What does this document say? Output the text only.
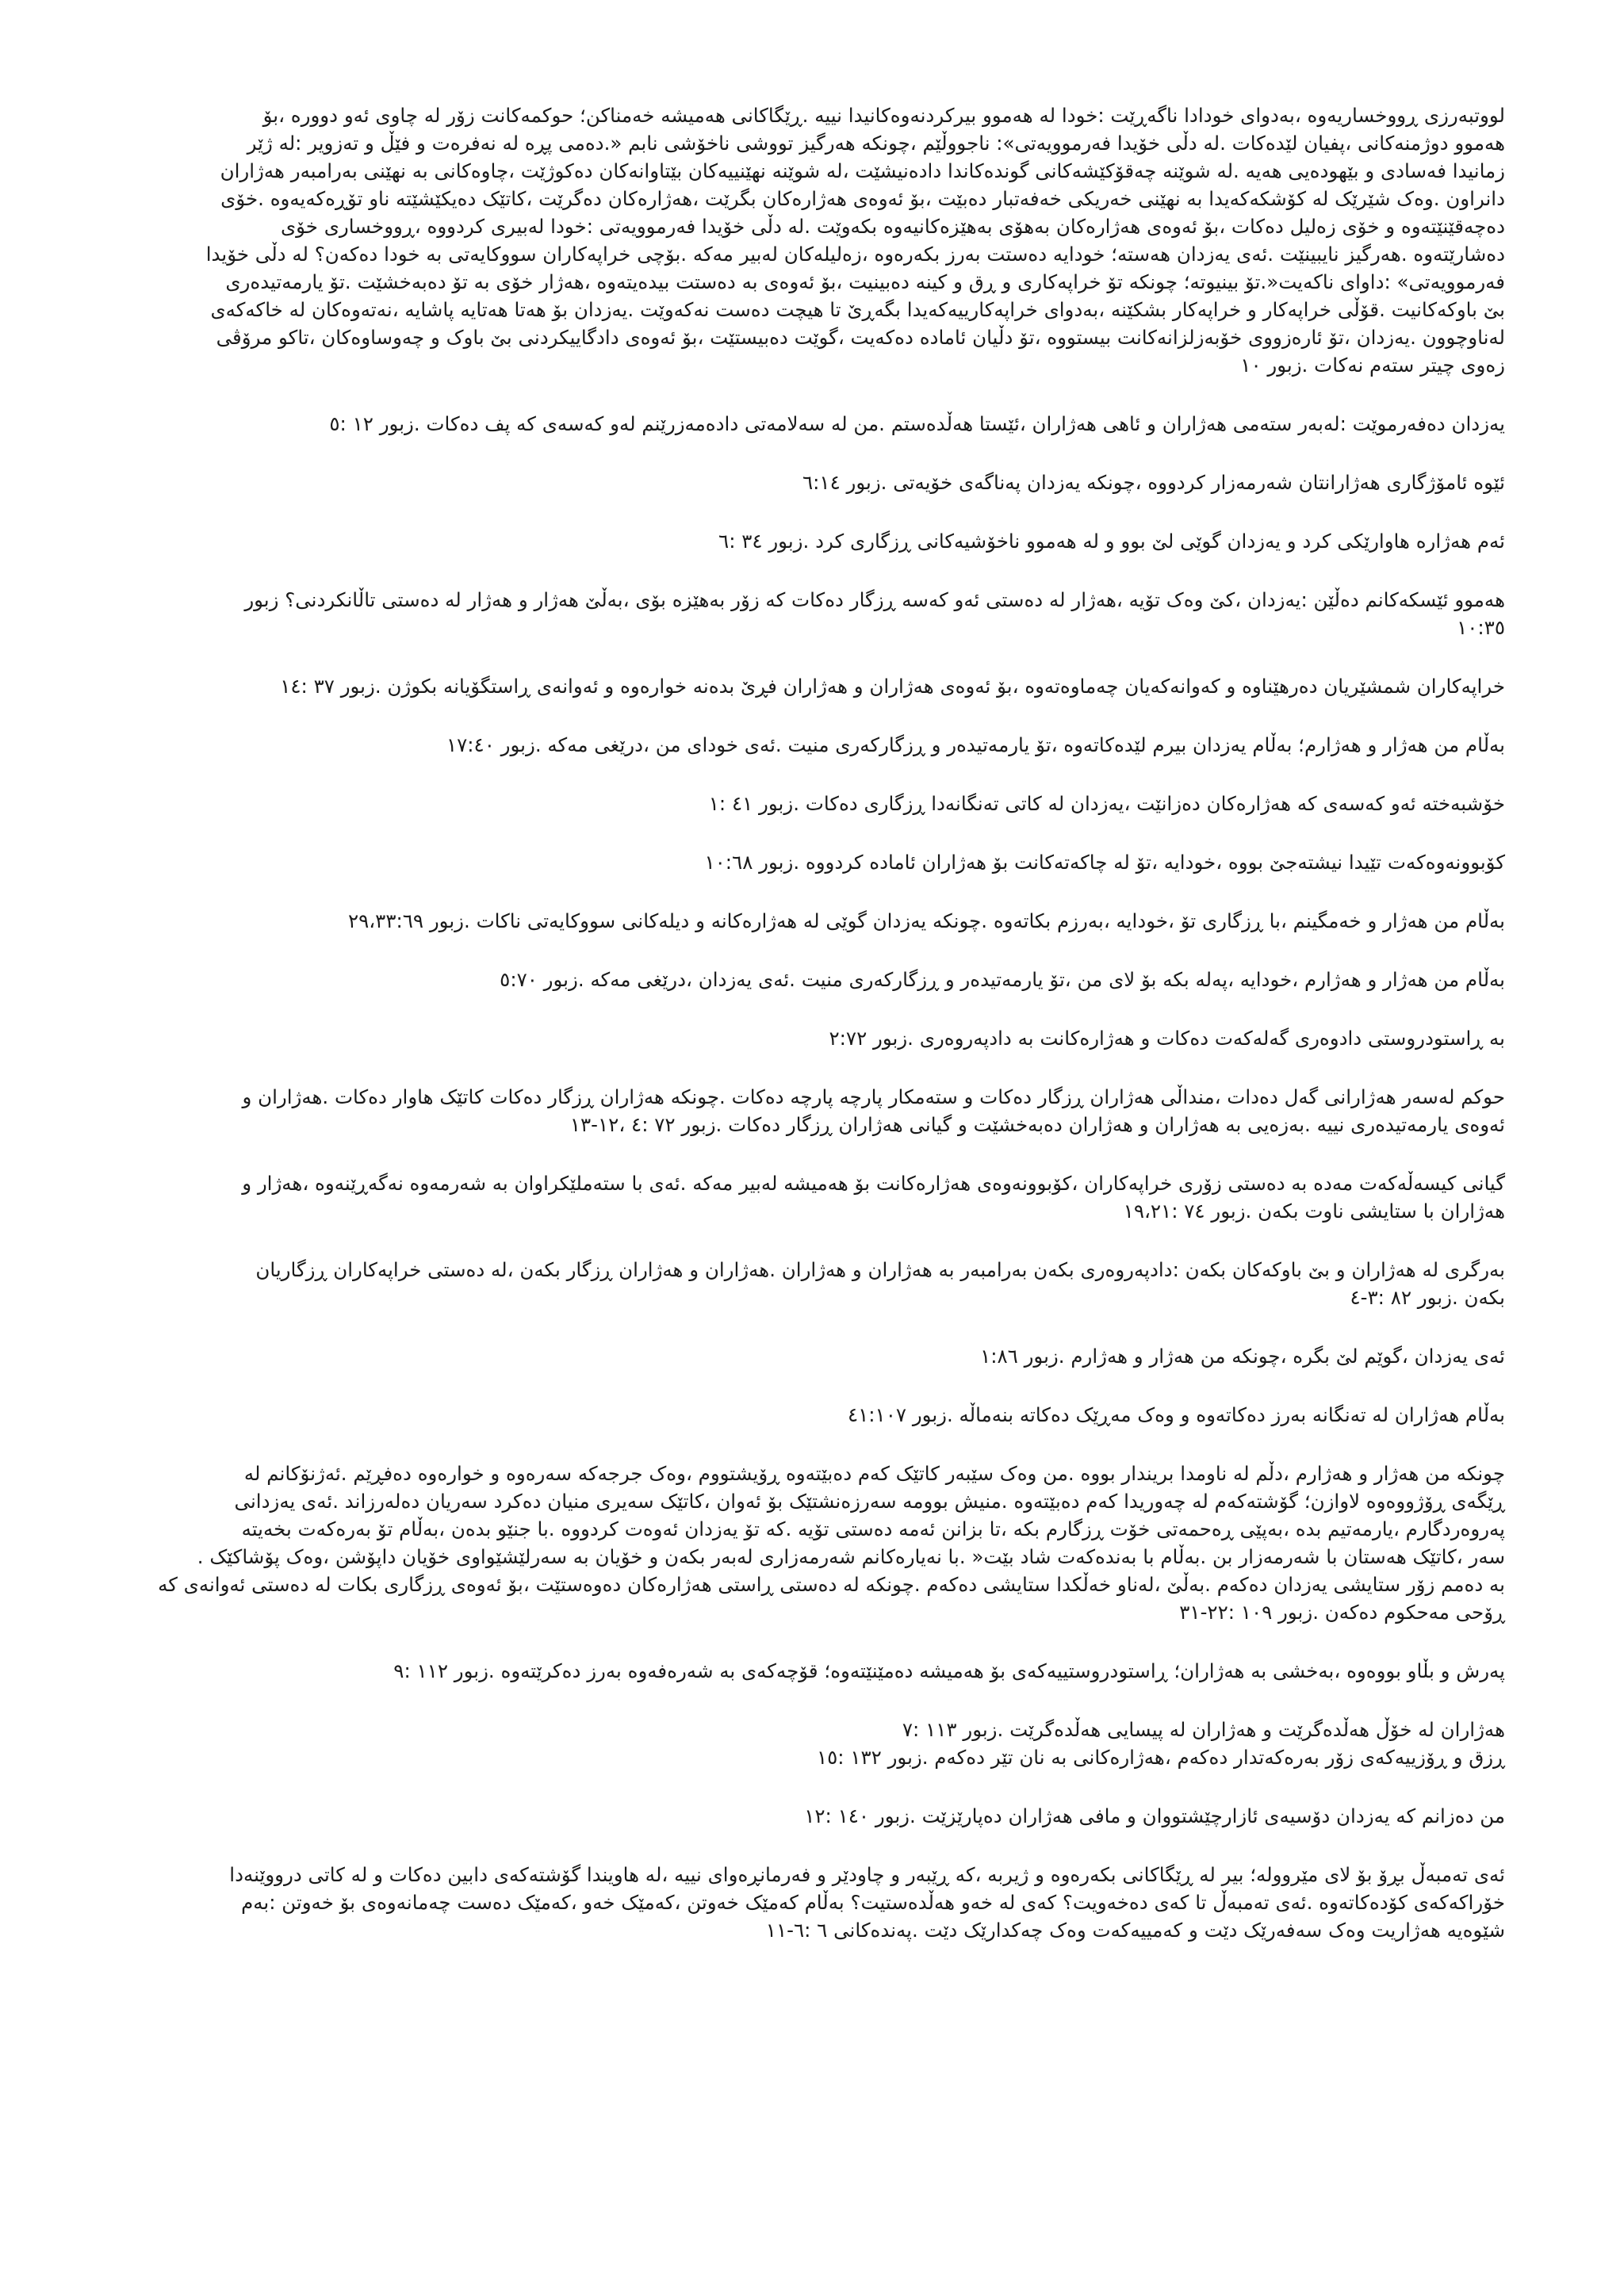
لووتبەرزی ڕووخساریەوە ،بەدوای خودادا ناگەڕێت :خودا لە هەموو بیرکردنەوەکانیدا نییە .ڕێگاکانی هەمیشە خەمناکن؛ حوکمەکانت زۆر لە چاوی ئەو دوورە ،بۆ
هەموو دوژمنەکانی ،پفیان لێدەکات .لە دڵی خۆیدا فەرموویەتی»: ناجووڵێم ،چونکە هەرگیز تووشی ناخۆشی نابم «.دەمی پڕە لە نەفرەت و فێڵ و تەزویر :لە ژێر
زمانیدا فەسادی و بێهودەیی هەیە .لە شوێنە چەقۆکێشەکانی گوندەکاندا دادەنیشێت ،لە شوێنە نهێنییەکان بێتاوانەکان دەکوژێت ،چاوەکانی بە نهێنی بەرامبەر هەژاران
دانراون .وەک شێرێک لە کۆشکەکەیدا بە نهێنی خەریکی خەفەتبار دەبێت ،بۆ ئەوەی هەژارەکان بگرێت ،هەژارەکان دەگرێت ،کاتێک دەیکێشێتە ناو تۆڕەکەیەوە .خۆی
دەچەقێنێتەوە و خۆی زەلیل دەکات ،بۆ ئەوەی هەژارەکان بەهۆی بەهێزەکانیەوە بکەوێت .لە دڵی خۆیدا فەرموویەتی :خودا لەبیری کردووە ،ڕووخساری خۆی
دەشارێتەوە .هەرگیز نایبینێت .ئەی یەزدان هەستە؛ خودایە دەستت بەرز بکەرەوە ،زەلیلەکان لەبیر مەکە .بۆچی خراپەکاران سووکایەتی بە خودا دەکەن؟ لە دڵی خۆیدا
فەرموویەتی» :داوای ناکەیت«.تۆ بینیوتە؛ چونکە تۆ خراپەکاری و ڕق و کینە دەبینیت ،بۆ ئەوەی بە دەستت بیدەیتەوە ،هەژار خۆی بە تۆ دەبەخشێت .تۆ یارمەتیدەری
بێ باوکەکانیت .قۆڵی خراپەکار و خراپەکار بشکێنە ،بەدوای خراپەکارییەکەیدا بگەڕێ تا هیچت دەست نەکەوێت .یەزدان بۆ هەتا هەتایە پاشایە ،نەتەوەکان لە خاکەکەی
لەناوچوون .یەزدان ،تۆ ئارەزووی خۆبەزلزانەکانت بیستووە ،تۆ دڵیان ئامادە دەکەیت ،گوێت دەبیستێت ،بۆ ئەوەی دادگاییکردنی بێ باوک و چەوساوەکان ،تاکو مرۆڤی
زەوی چیتر ستەم نەکات .زبور ١٠

یەزدان دەفەرموێت :لەبەر ستەمی هەژاران و ئاهی هەژاران ،ئێستا هەڵدەستم .من لە سەلامەتی دادەمەزرێنم لەو کەسەی کە پف دەکات .زبور ١٢ :٥

ئێوە ئامۆژگاری هەژارانتان شەرمەزار کردووە ،چونکە یەزدان پەناگەی خۆیەتی .زبور ٦:١٤

ئەم هەژارە هاوارێکی کرد و یەزدان گوێی لێ بوو و لە هەموو ناخۆشیەکانی ڕزگاری کرد .زبور ٣٤ :٦

هەموو ئێسکەکانم دەڵێن :یەزدان ،کێ وەک تۆیە ،هەژار لە دەستی ئەو کەسە ڕزگار دەکات کە زۆر بەهێزە بۆی ،بەڵێ هەژار و هەژار لە دەستی تاڵانکردنی؟ زبور
١٠:٣٥

خراپەکاران شمشێریان دەرهێناوە و کەوانەکەیان چەماوەتەوە ،بۆ ئەوەی هەژاران و هەژاران فڕێ بدەنە خوارەوە و ئەوانەی ڕاستگۆیانە بکوژن .زبور ٣٧ :١٤

بەڵام من هەژار و هەژارم؛ بەڵام یەزدان بیرم لێدەکاتەوە ،تۆ یارمەتیدەر و ڕزگارکەری منیت .ئەی خودای من ،درێغی مەکە .زبور ١٧:٤٠

خۆشبەختە ئەو کەسەی کە هەژارەکان دەزانێت ،یەزدان لە کاتی تەنگانەدا ڕزگاری دەکات .زبور ٤١ :١

کۆبوونەوەکەت تێیدا نیشتەجێ بووە ،خودایە ،تۆ لە چاکەتەکانت بۆ هەژاران ئامادە کردووە .زبور ١٠:٦٨

بەڵام من هەژار و خەمگینم ،با ڕزگاری تۆ ،خودایە ،بەرزم بکاتەوە .چونکە یەزدان گوێی لە هەژارەکانە و دیلەکانی سووکایەتی ناکات .زبور ٢٩،٣٣:٦٩

بەڵام من هەژار و هەژارم ،خودایە ،پەلە بکە بۆ لای من ،تۆ یارمەتیدەر و ڕزگارکەری منیت .ئەی یەزدان ،درێغی مەکە .زبور ٥:٧٠

بە ڕاستودروستی دادوەری گەلەکەت دەکات و هەژارەکانت بە دادپەروەری .زبور ٢:٧٢

حوکم لەسەر هەژارانی گەل دەدات ،منداڵی هەژاران ڕزگار دەکات و ستەمکار پارچە پارچە دەکات .چونکە هەژاران ڕزگار دەکات کاتێک هاوار دەکات .هەژاران و
ئەوەی یارمەتیدەری نییە .بەزەیی بە هەژاران و هەژاران دەبەخشێت و گیانی هەژاران ڕزگار دەکات .زبور ٧٢ :٤ ،١٢-١٣

گیانی کیسەڵەکەت مەدە بە دەستی زۆری خراپەکاران ،کۆبوونەوەی هەژارەکانت بۆ هەمیشە لەبیر مەکە .ئەی با ستەملێکراوان بە شەرمەوە نەگەڕێنەوە ،هەژار و
هەژاران با ستایشی ناوت بکەن .زبور ٧٤ :١٩،٢١

بەرگری لە هەژاران و بێ باوکەکان بکەن :دادپەروەری بکەن بەرامبەر بە هەژاران و هەژاران .هەژاران و هەژاران ڕزگار بکەن ،لە دەستی خراپەکاران ڕزگاریان
بکەن .زبور ٨٢ :٣-٤

ئەی یەزدان ،گوێم لێ بگرە ،چونکە من هەژار و هەژارم .زبور ١:٨٦

بەڵام هەژاران لە تەنگانە بەرز دەکاتەوە و وەک مەڕێک دەکاتە بنەماڵە .زبور ٤١:١٠٧

چونکە من هەژار و هەژارم ،دڵم لە ناومدا بریندار بووە .من وەک سێبەر کاتێک کەم دەبێتەوە ڕۆیشتووم ،وەک جرجەکە سەرەوە و خوارەوە دەفڕێم .ئەژنۆکانم لە
ڕێگەی ڕۆژووەوە لاوازن؛ گۆشتەکەم لە چەوریدا کەم دەبێتەوە .منیش بوومە سەرزەنشتێک بۆ ئەوان ،کاتێک سەیری منیان دەکرد سەریان دەلەرزاند .ئەی یەزدانی
پەروەردگارم ،یارمەتیم بدە ،بەپێی ڕەحمەتی خۆت ڕزگارم بکە ،تا بزانن ئەمە دەستی تۆیە .کە تۆ یەزدان ئەوەت کردووە .با جنێو بدەن ،بەڵام تۆ بەرەکەت بخەیتە
سەر ،کاتێک هەستان با شەرمەزار بن .بەڵام با بەندەکەت شاد بێت« .با نەیارەکانم شەرمەزاری لەبەر بکەن و خۆیان بە سەرلێشێواوی خۆیان داپۆشن ،وەک پۆشاکێک .
بە دەمم زۆر ستایشی یەزدان دەکەم .بەڵێ ،لەناو خەڵکدا ستایشی دەکەم .چونکە لە دەستی ڕاستی هەژارەکان دەوەستێت ،بۆ ئەوەی ڕزگاری بکات لە دەستی ئەوانەی کە
ڕۆحی مەحکوم دەکەن .زبور ١٠٩ :٢٢-٣١

پەرش و بڵاو بووەوە ،بەخشی بە هەژاران؛ ڕاستودروستییەکەی بۆ هەمیشە دەمێنێتەوە؛ قۆچەکەی بە شەرەفەوە بەرز دەکرێتەوە .زبور ١١٢ :٩

هەژاران لە خۆڵ هەڵدەگرێت و هەژاران لە پیسایی هەڵدەگرێت .زبور ١١٣ :٧
ڕزق و ڕۆزییەکەی زۆر بەرەکەتدار دەکەم ،هەژارەکانی بە نان تێر دەکەم .زبور ١٣٢ :١٥

من دەزانم کە یەزدان دۆسیەی ئازارچێشتووان و مافی هەژاران دەپارێزێت .زبور ١٤٠ :١٢

ئەی تەمبەڵ بڕۆ بۆ لای مێرووله؛ بیر لە ڕێگاکانی بکەرەوە و ژیربە ،کە ڕێبەر و چاودێر و فەرمانڕەوای نییە ،لە هاویندا گۆشتەکەی دابین دەکات و لە کاتی درووێنەدا
خۆراکەکەی کۆدەکاتەوە .ئەی تەمبەڵ تا کەی دەخەویت؟ کەی لە خەو هەڵدەستیت؟ بەڵام کەمێک خەوتن ،کەمێک خەو ،کەمێک دەست چەمانەوەی بۆ خەوتن :بەم
شێوەیە هەژاریت وەک سەفەرێک دێت و کەمییەکەت وەک چەکدارێک دێت .پەندەکانی ٦ :٦-١١
